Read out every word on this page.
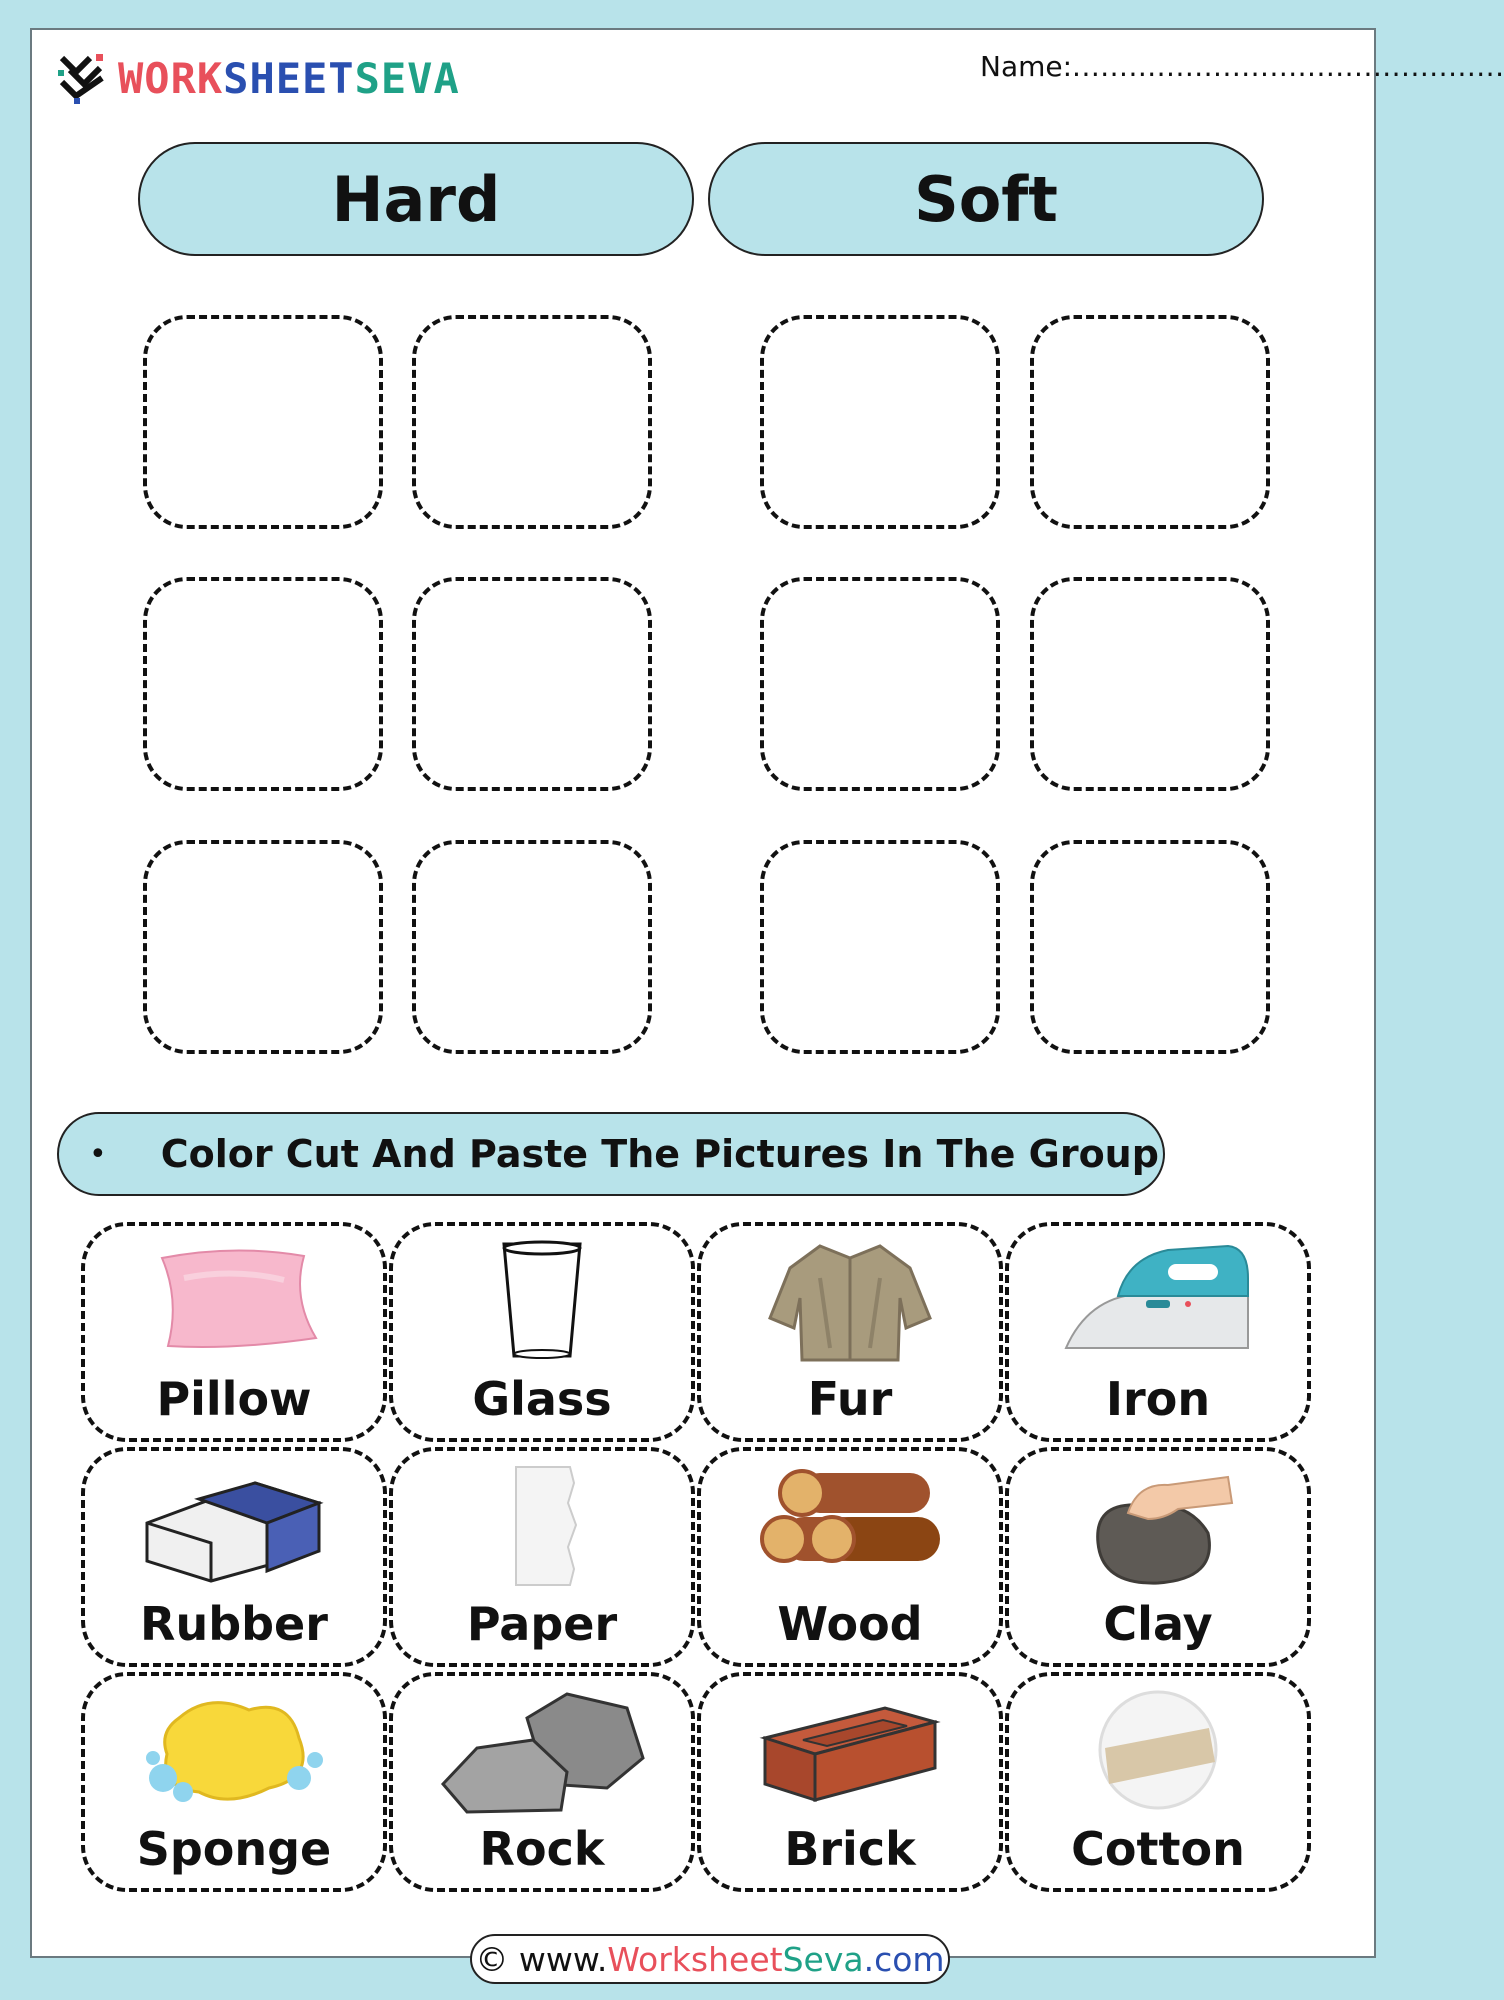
WORKSHEETSEVA	Name:..............................................
Hard	Soft
• Color Cut And Paste The Pictures In The Group
Pillow	Glass	Fur	Iron
Rubber	Paper	Wood	Clay
Sponge	Rock	Brick	Cotton
© www. Worksheet Seva .com
